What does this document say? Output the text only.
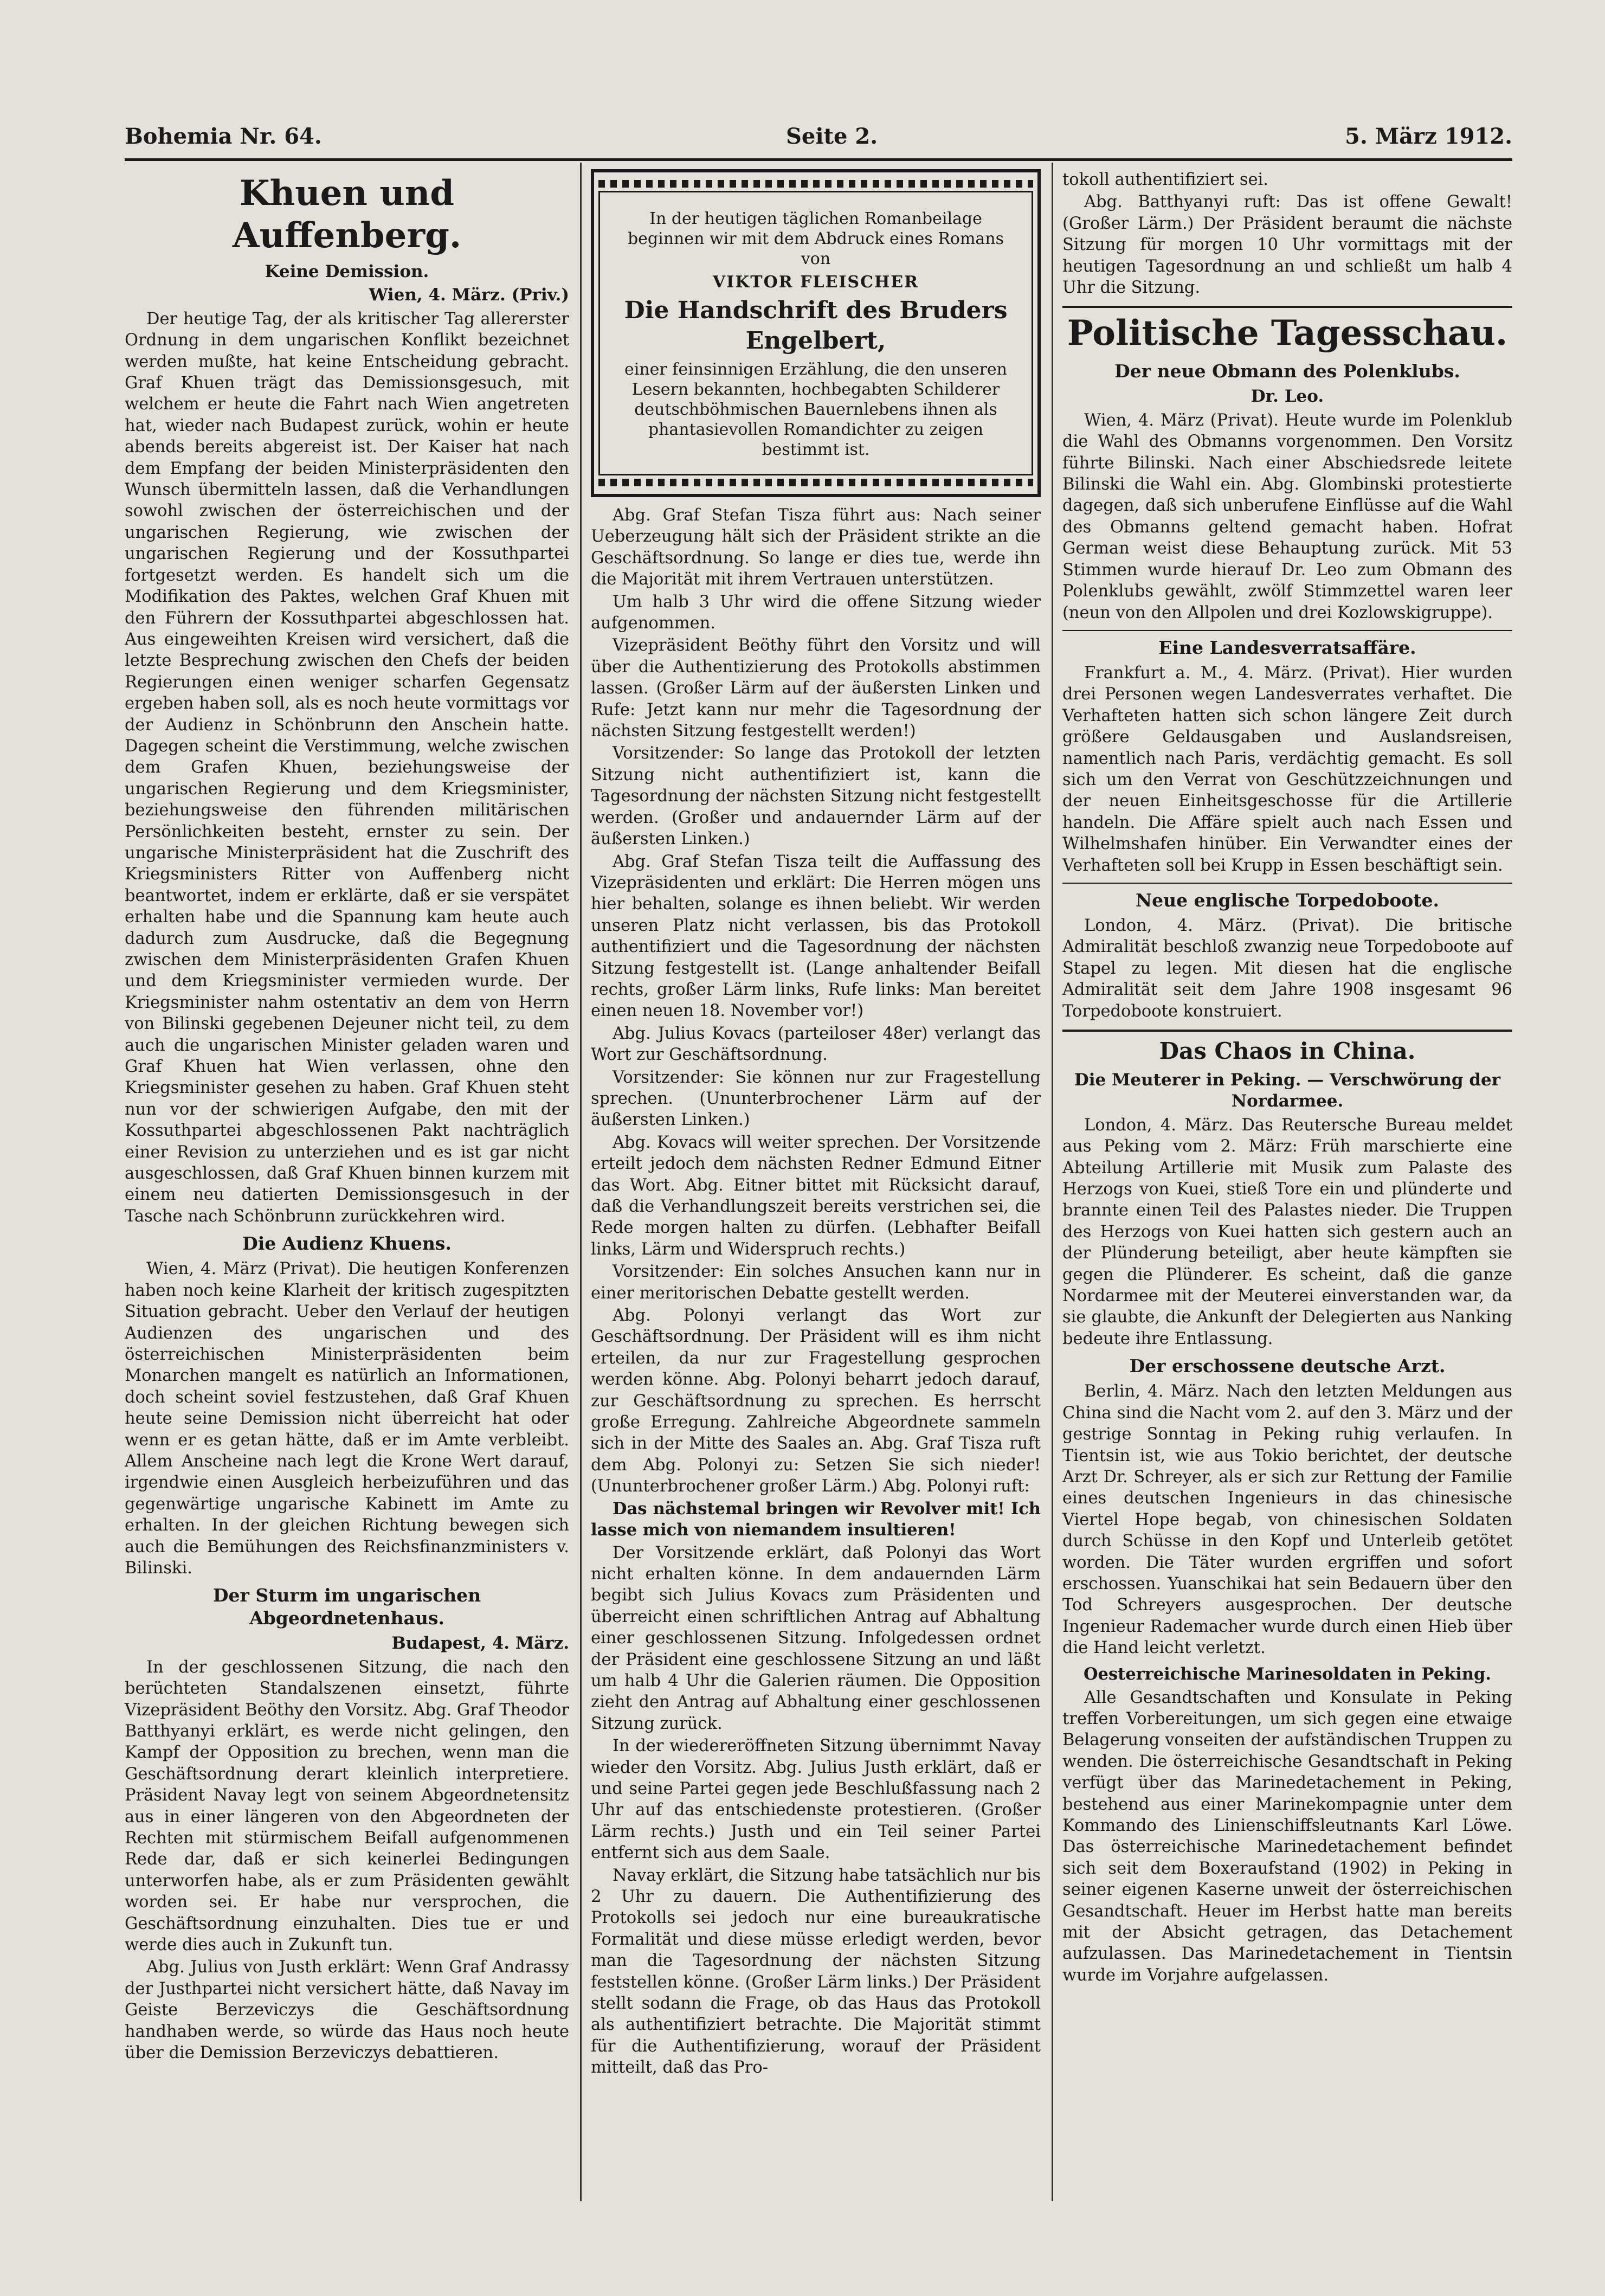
Bohemia Nr. 64.	Seite 2.	5. März 1912.
Khuen und Auffenberg.
Keine Demission.
Wien, 4. März. (Priv.)

Der heutige Tag, der als kritischer Tag allererster Ordnung in dem ungarischen Konflikt bezeichnet werden mußte, hat keine Entscheidung gebracht. Graf Khuen trägt das Demissionsgesuch, mit welchem er heute die Fahrt nach Wien angetreten hat, wieder nach Budapest zurück, wohin er heute abends bereits abgereist ist. Der Kaiser hat nach dem Empfang der beiden Ministerpräsidenten den Wunsch übermitteln lassen, daß die Verhandlungen sowohl zwischen der österreichischen und der ungarischen Regierung, wie zwischen der ungarischen Regierung und der Kossuthpartei fortgesetzt werden. Es handelt sich um die Modifikation des Paktes, welchen Graf Khuen mit den Führern der Kossuthpartei abgeschlossen hat. Aus eingeweihten Kreisen wird versichert, daß die letzte Besprechung zwischen den Chefs der beiden Regierungen einen weniger scharfen Gegensatz ergeben haben soll, als es noch heute vormittags vor der Audienz in Schönbrunn den Anschein hatte. Dagegen scheint die Verstimmung, welche zwischen dem Grafen Khuen, beziehungsweise der ungarischen Regierung und dem Kriegsminister, beziehungsweise den führenden militärischen Persönlichkeiten besteht, ernster zu sein. Der ungarische Ministerpräsident hat die Zuschrift des Kriegsministers Ritter von Auffenberg nicht beantwortet, indem er erklärte, daß er sie verspätet erhalten habe und die Spannung kam heute auch dadurch zum Ausdrucke, daß die Begegnung zwischen dem Ministerpräsidenten Grafen Khuen und dem Kriegsminister vermieden wurde. Der Kriegsminister nahm ostentativ an dem von Herrn von Bilinski gegebenen Dejeuner nicht teil, zu dem auch die ungarischen Minister geladen waren und Graf Khuen hat Wien verlassen, ohne den Kriegsminister gesehen zu haben. Graf Khuen steht nun vor der schwierigen Aufgabe, den mit der Kossuthpartei abgeschlossenen Pakt nachträglich einer Revision zu unterziehen und es ist gar nicht ausgeschlossen, daß Graf Khuen binnen kurzem mit einem neu datierten Demissionsgesuch in der Tasche nach Schönbrunn zurückkehren wird.

Die Audienz Khuens.

Wien, 4. März (Privat). Die heutigen Konferenzen haben noch keine Klarheit der kritisch zugespitzten Situation gebracht. Ueber den Verlauf der heutigen Audienzen des ungarischen und des österreichischen Ministerpräsidenten beim Monarchen mangelt es natürlich an Informationen, doch scheint soviel festzustehen, daß Graf Khuen heute seine Demission nicht überreicht hat oder wenn er es getan hätte, daß er im Amte verbleibt. Allem Anscheine nach legt die Krone Wert darauf, irgendwie einen Ausgleich herbeizuführen und das gegenwärtige ungarische Kabinett im Amte zu erhalten. In der gleichen Richtung bewegen sich auch die Bemühungen des Reichsfinanzministers v. Bilinski.

Der Sturm im ungarischen Abgeordnetenhaus.
Budapest, 4. März.

In der geschlossenen Sitzung, die nach den berüchteten Standalszenen einsetzt, führte Vizepräsident Beöthy den Vorsitz. Abg. Graf Theodor Batthyanyi erklärt, es werde nicht gelingen, den Kampf der Opposition zu brechen, wenn man die Geschäftsordnung derart kleinlich interpretiere. Präsident Navay legt von seinem Abgeordnetensitz aus in einer längeren von den Abgeordneten der Rechten mit stürmischem Beifall aufgenommenen Rede dar, daß er sich keinerlei Bedingungen unterworfen habe, als er zum Präsidenten gewählt worden sei. Er habe nur versprochen, die Geschäftsordnung einzuhalten. Dies tue er und werde dies auch in Zukunft tun.

Abg. Julius von Justh erklärt: Wenn Graf Andrassy der Justhpartei nicht versichert hätte, daß Navay im Geiste Berzeviczys die Geschäftsordnung handhaben werde, so würde das Haus noch heute über die Demission Berzeviczys debattieren.

In der heutigen täglichen Romanbeilage beginnen wir mit dem Abdruck eines Romans von
VIKTOR FLEISCHER
Die Handschrift des Bruders Engelbert,
einer feinsinnigen Erzählung, die den unseren Lesern bekannten, hochbegabten Schilderer deutschböhmischen Bauernlebens ihnen als phantasievollen Romandichter zu zeigen bestimmt ist.

Abg. Graf Stefan Tisza führt aus: Nach seiner Ueberzeugung hält sich der Präsident strikte an die Geschäftsordnung. So lange er dies tue, werde ihn die Majorität mit ihrem Vertrauen unterstützen.

Um halb 3 Uhr wird die offene Sitzung wieder aufgenommen.

Vizepräsident Beöthy führt den Vorsitz und will über die Authentizierung des Protokolls abstimmen lassen. (Großer Lärm auf der äußersten Linken und Rufe: Jetzt kann nur mehr die Tagesordnung der nächsten Sitzung festgestellt werden!)

Vorsitzender: So lange das Protokoll der letzten Sitzung nicht authentifiziert ist, kann die Tagesordnung der nächsten Sitzung nicht festgestellt werden. (Großer und andauernder Lärm auf der äußersten Linken.)

Abg. Graf Stefan Tisza teilt die Auffassung des Vizepräsidenten und erklärt: Die Herren mögen uns hier behalten, solange es ihnen beliebt. Wir werden unseren Platz nicht verlassen, bis das Protokoll authentifiziert und die Tagesordnung der nächsten Sitzung festgestellt ist. (Lange anhaltender Beifall rechts, großer Lärm links, Rufe links: Man bereitet einen neuen 18. November vor!)

Abg. Julius Kovacs (parteiloser 48er) verlangt das Wort zur Geschäftsordnung.

Vorsitzender: Sie können nur zur Fragestellung sprechen. (Ununterbrochener Lärm auf der äußersten Linken.)

Abg. Kovacs will weiter sprechen. Der Vorsitzende erteilt jedoch dem nächsten Redner Edmund Eitner das Wort. Abg. Eitner bittet mit Rücksicht darauf, daß die Verhandlungszeit bereits verstrichen sei, die Rede morgen halten zu dürfen. (Lebhafter Beifall links, Lärm und Widerspruch rechts.)

Vorsitzender: Ein solches Ansuchen kann nur in einer meritorischen Debatte gestellt werden.

Abg. Polonyi verlangt das Wort zur Geschäftsordnung. Der Präsident will es ihm nicht erteilen, da nur zur Fragestellung gesprochen werden könne. Abg. Polonyi beharrt jedoch darauf, zur Geschäftsordnung zu sprechen. Es herrscht große Erregung. Zahlreiche Abgeordnete sammeln sich in der Mitte des Saales an. Abg. Graf Tisza ruft dem Abg. Polonyi zu: Setzen Sie sich nieder! (Ununterbrochener großer Lärm.) Abg. Polonyi ruft:

Das nächstemal bringen wir Revolver mit! Ich lasse mich von niemandem insultieren!

Der Vorsitzende erklärt, daß Polonyi das Wort nicht erhalten könne. In dem andauernden Lärm begibt sich Julius Kovacs zum Präsidenten und überreicht einen schriftlichen Antrag auf Abhaltung einer geschlossenen Sitzung. Infolgedessen ordnet der Präsident eine geschlossene Sitzung an und läßt um halb 4 Uhr die Galerien räumen. Die Opposition zieht den Antrag auf Abhaltung einer geschlossenen Sitzung zurück.

In der wiedereröffneten Sitzung übernimmt Navay wieder den Vorsitz. Abg. Julius Justh erklärt, daß er und seine Partei gegen jede Beschlußfassung nach 2 Uhr auf das entschiedenste protestieren. (Großer Lärm rechts.) Justh und ein Teil seiner Partei entfernt sich aus dem Saale.

Navay erklärt, die Sitzung habe tatsächlich nur bis 2 Uhr zu dauern. Die Authentifizierung des Protokolls sei jedoch nur eine bureaukratische Formalität und diese müsse erledigt werden, bevor man die Tagesordnung der nächsten Sitzung feststellen könne. (Großer Lärm links.) Der Präsident stellt sodann die Frage, ob das Haus das Protokoll als authentifiziert betrachte. Die Majorität stimmt für die Authentifizierung, worauf der Präsident mitteilt, daß das Pro-

tokoll authentifiziert sei.

Abg. Batthyanyi ruft: Das ist offene Gewalt! (Großer Lärm.) Der Präsident beraumt die nächste Sitzung für morgen 10 Uhr vormittags mit der heutigen Tagesordnung an und schließt um halb 4 Uhr die Sitzung.

Politische Tagesschau.
Der neue Obmann des Polenklubs.
Dr. Leo.

Wien, 4. März (Privat). Heute wurde im Polenklub die Wahl des Obmanns vorgenommen. Den Vorsitz führte Bilinski. Nach einer Abschiedsrede leitete Bilinski die Wahl ein. Abg. Glombinski protestierte dagegen, daß sich unberufene Einflüsse auf die Wahl des Obmanns geltend gemacht haben. Hofrat German weist diese Behauptung zurück. Mit 53 Stimmen wurde hierauf Dr. Leo zum Obmann des Polenklubs gewählt, zwölf Stimmzettel waren leer (neun von den Allpolen und drei Kozlowskigruppe).

Eine Landesverratsaffäre.

Frankfurt a. M., 4. März. (Privat). Hier wurden drei Personen wegen Landesverrates verhaftet. Die Verhafteten hatten sich schon längere Zeit durch größere Geldausgaben und Auslandsreisen, namentlich nach Paris, verdächtig gemacht. Es soll sich um den Verrat von Geschützzeichnungen und der neuen Einheitsgeschosse für die Artillerie handeln. Die Affäre spielt auch nach Essen und Wilhelmshafen hinüber. Ein Verwandter eines der Verhafteten soll bei Krupp in Essen beschäftigt sein.

Neue englische Torpedoboote.

London, 4. März. (Privat). Die britische Admiralität beschloß zwanzig neue Torpedoboote auf Stapel zu legen. Mit diesen hat die englische Admiralität seit dem Jahre 1908 insgesamt 96 Torpedoboote konstruiert.

Das Chaos in China.
Die Meuterer in Peking. — Verschwörung der Nordarmee.

London, 4. März. Das Reutersche Bureau meldet aus Peking vom 2. März: Früh marschierte eine Abteilung Artillerie mit Musik zum Palaste des Herzogs von Kuei, stieß Tore ein und plünderte und brannte einen Teil des Palastes nieder. Die Truppen des Herzogs von Kuei hatten sich gestern auch an der Plünderung beteiligt, aber heute kämpften sie gegen die Plünderer. Es scheint, daß die ganze Nordarmee mit der Meuterei einverstanden war, da sie glaubte, die Ankunft der Delegierten aus Nanking bedeute ihre Entlassung.

Der erschossene deutsche Arzt.

Berlin, 4. März. Nach den letzten Meldungen aus China sind die Nacht vom 2. auf den 3. März und der gestrige Sonntag in Peking ruhig verlaufen. In Tientsin ist, wie aus Tokio berichtet, der deutsche Arzt Dr. Schreyer, als er sich zur Rettung der Familie eines deutschen Ingenieurs in das chinesische Viertel Hope begab, von chinesischen Soldaten durch Schüsse in den Kopf und Unterleib getötet worden. Die Täter wurden ergriffen und sofort erschossen. Yuanschikai hat sein Bedauern über den Tod Schreyers ausgesprochen. Der deutsche Ingenieur Rademacher wurde durch einen Hieb über die Hand leicht verletzt.

Oesterreichische Marinesoldaten in Peking.

Alle Gesandtschaften und Konsulate in Peking treffen Vorbereitungen, um sich gegen eine etwaige Belagerung vonseiten der aufständischen Truppen zu wenden. Die österreichische Gesandtschaft in Peking verfügt über das Marinedetachement in Peking, bestehend aus einer Marinekompagnie unter dem Kommando des Linienschiffsleutnants Karl Löwe. Das österreichische Marinedetachement befindet sich seit dem Boxeraufstand (1902) in Peking in seiner eigenen Kaserne unweit der österreichischen Gesandtschaft. Heuer im Herbst hatte man bereits mit der Absicht getragen, das Detachement aufzulassen. Das Marinedetachement in Tientsin wurde im Vorjahre aufgelassen.
